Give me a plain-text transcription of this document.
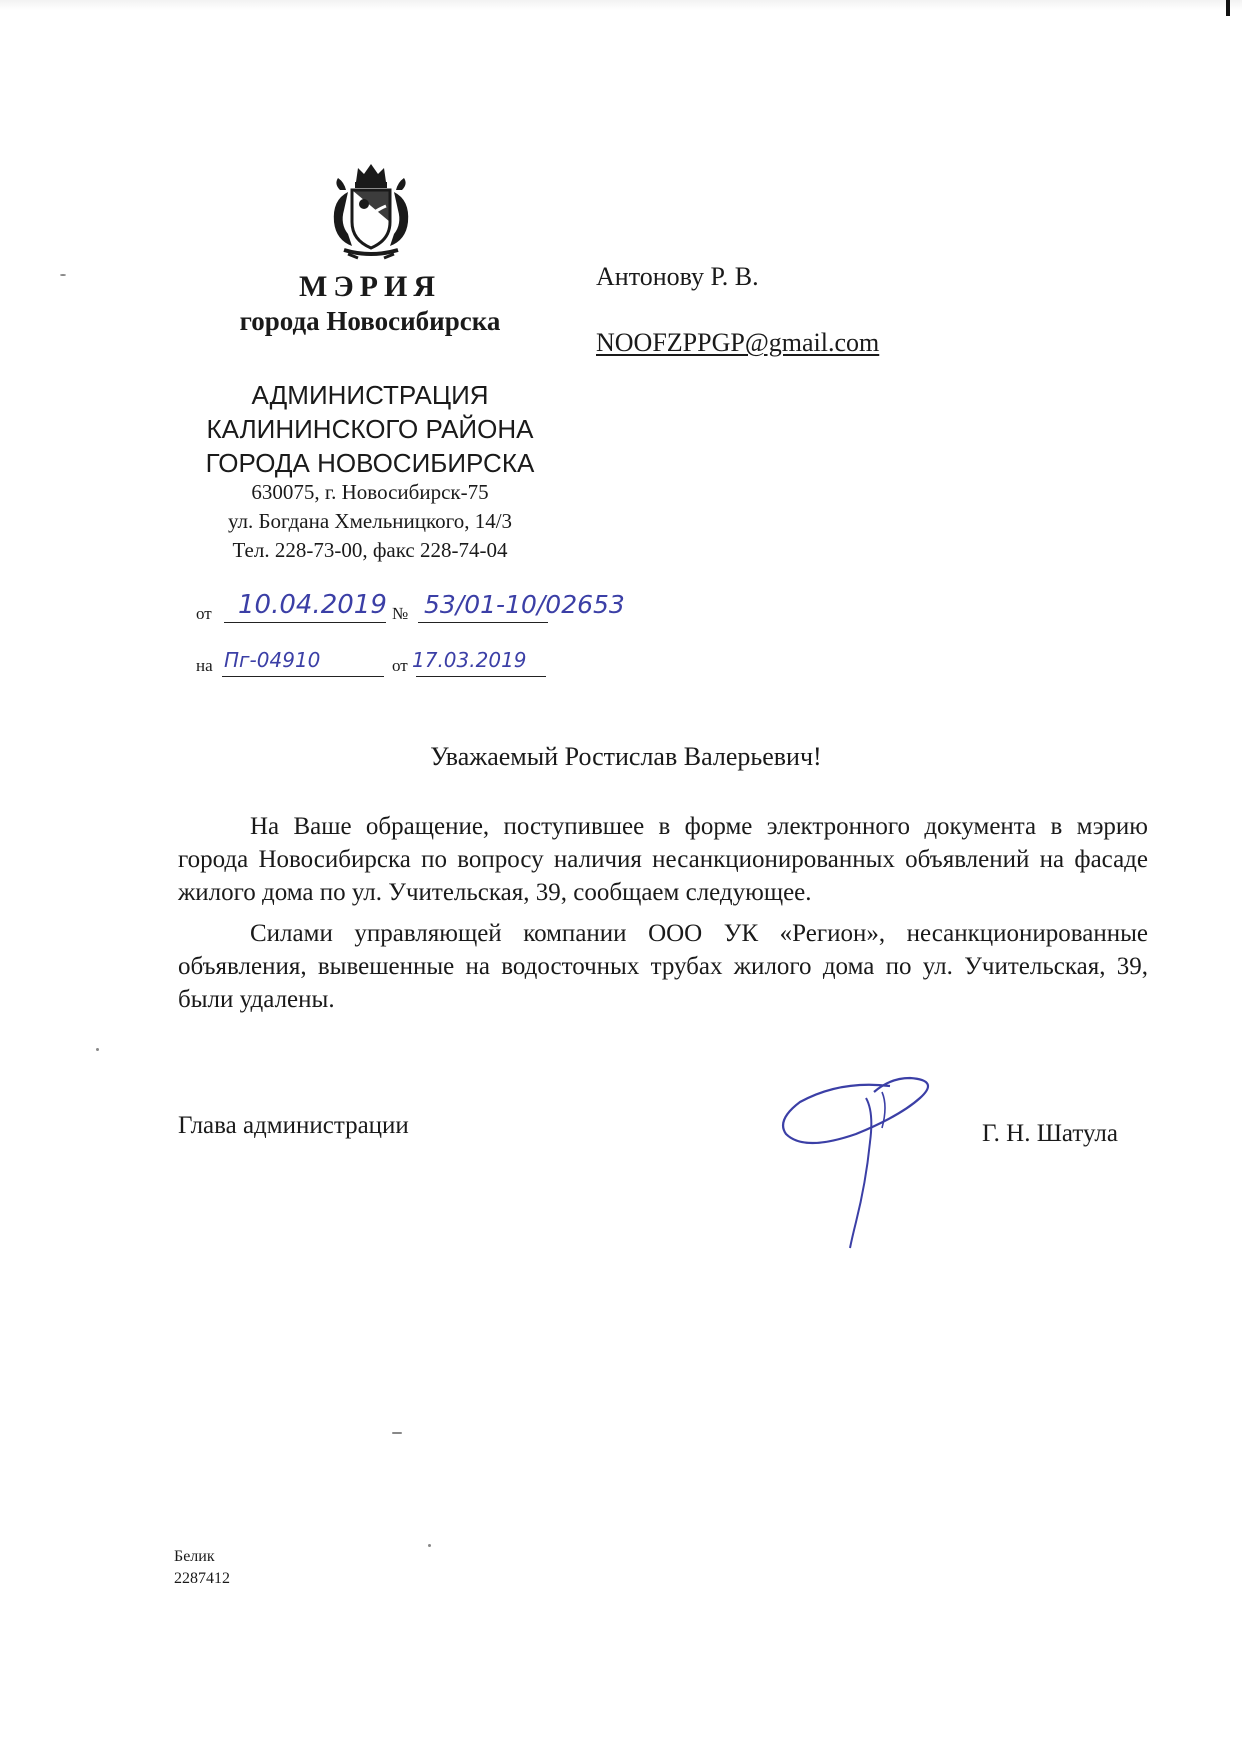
МЭРИЯ
города Новосибирска
АДМИНИСТРАЦИЯ
КАЛИНИНСКОГО РАЙОНА
ГОРОДА НОВОСИБИРСКА
630075, г. Новосибирск-75
ул. Богдана Хмельницкого, 14/3
Тел. 228-73-00, факс 228-74-04
от 10.04.2019 № 53/01-10/02653
на Пг-04910	от 17.03.2019
Антонову Р. В.
NOOFZPPGP@gmail.com
Уважаемый Ростислав Валерьевич!

На Ваше обращение, поступившее в форме электронного документа в мэрию города Новосибирска по вопросу наличия несанкционированных объявлений на фасаде жилого дома по ул. Учительская, 39, сообщаем следующее.

Силами управляющей компании ООО УК «Регион», несанкционированные объявления, вывешенные на водосточных трубах жилого дома по ул. Учительская, 39, были удалены.

Глава администрации	Г. Н. Шатула
Белик
2287412
